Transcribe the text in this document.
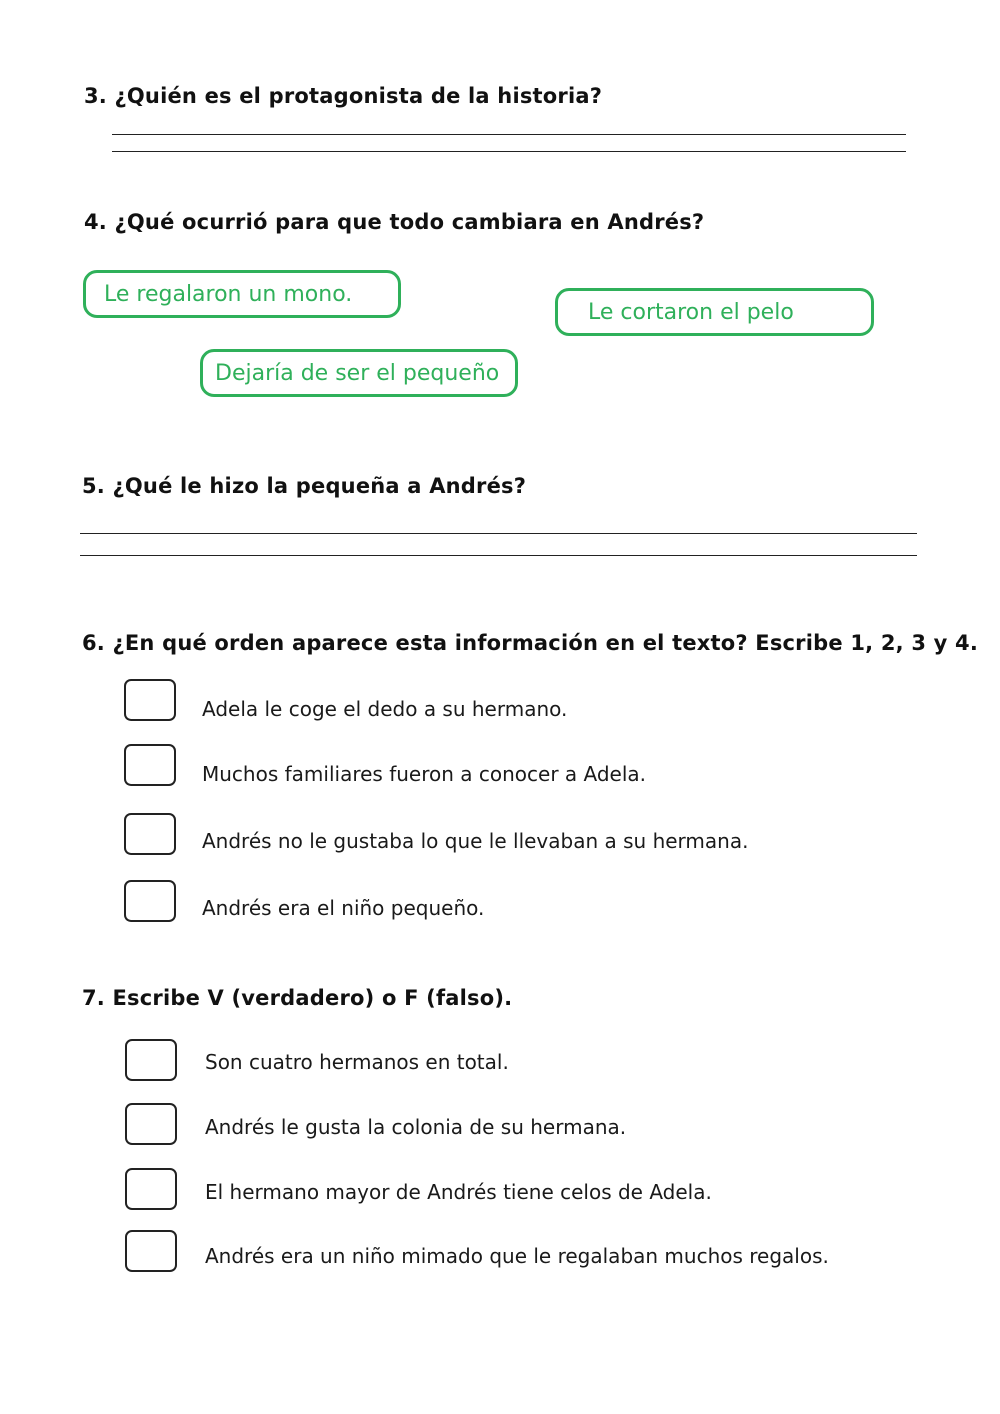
3. ¿Quién es el protagonista de la historia?
4. ¿Qué ocurrió para que todo cambiara en Andrés?
Le regalaron un mono.
Le cortaron el pelo
Dejaría de ser el pequeño
5. ¿Qué le hizo la pequeña a Andrés?
6. ¿En qué orden aparece esta información en el texto? Escribe 1, 2, 3 y 4.
Adela le coge el dedo a su hermano.
Muchos familiares fueron a conocer a Adela.
Andrés no le gustaba lo que le llevaban a su hermana.
Andrés era el niño pequeño.
7. Escribe V (verdadero) o F (falso).
Son cuatro hermanos en total.
Andrés le gusta la colonia de su hermana.
El hermano mayor de Andrés tiene celos de Adela.
Andrés era un niño mimado que le regalaban muchos regalos.
